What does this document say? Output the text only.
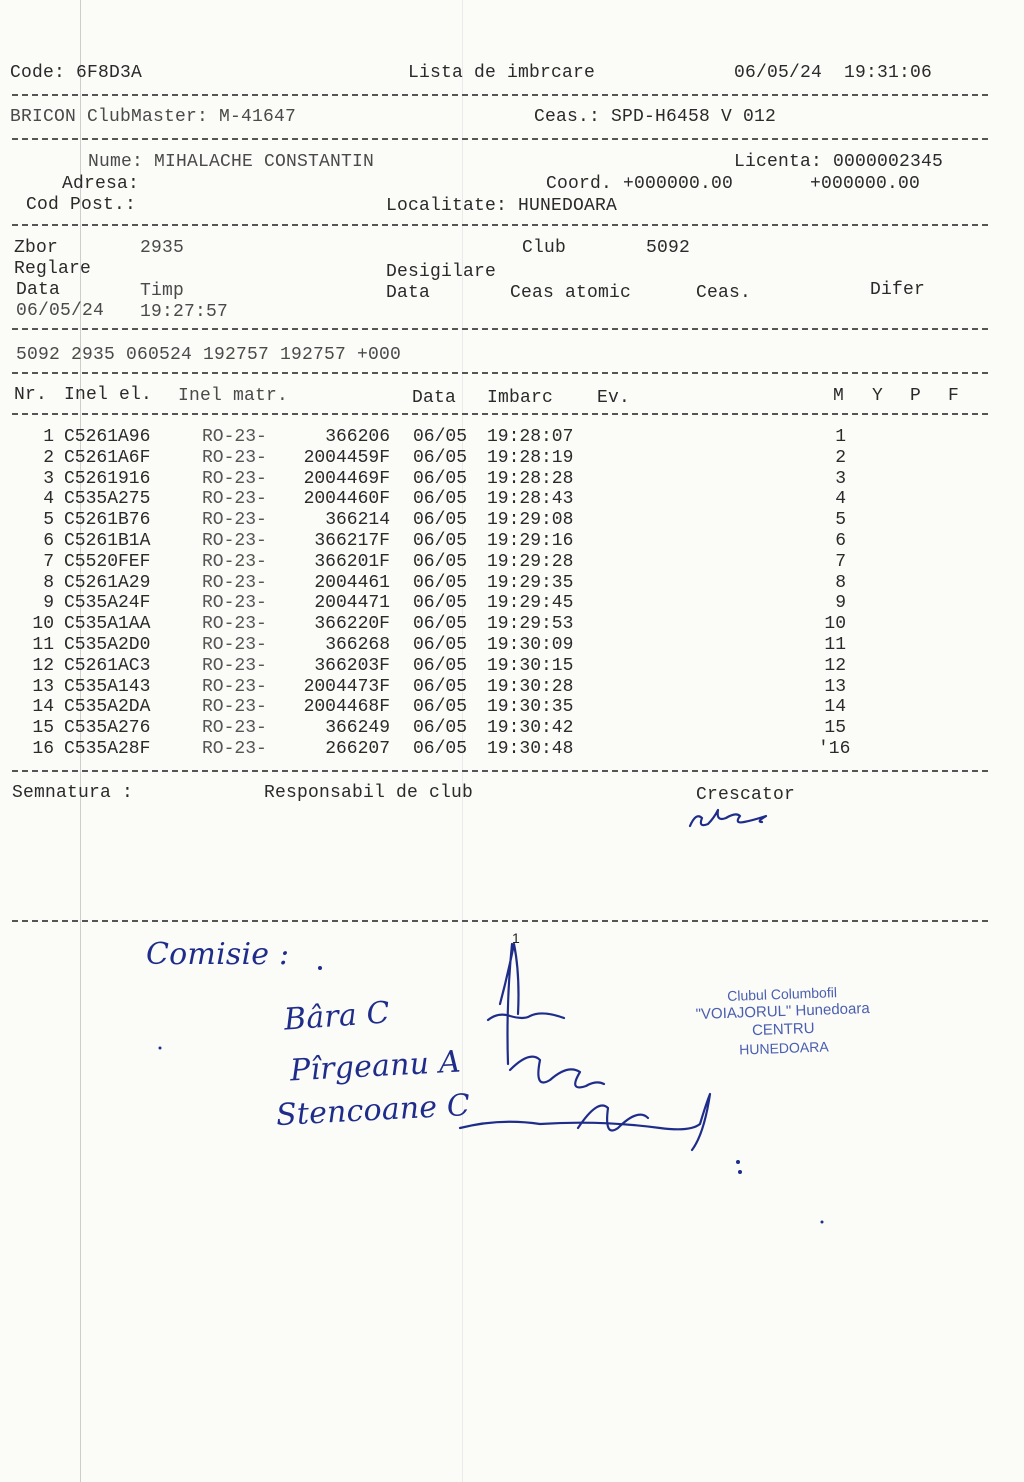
Code: 6F8D3A	Lista de imbrcare	06/05/24  19:31:06
BRICON ClubMaster: M-41647	Ceas.: SPD-H6458 V 012
Nume: MIHALACHE CONSTANTIN	Licenta: 0000002345
Adresa:	Coord. +000000.00	+000000.00
Cod Post.:	Localitate: HUNEDOARA
Zbor	2935	Club	5092
Reglare	Desigilare
Data	Timp	Data	Ceas atomic	Ceas.	Difer
06/05/24 19:27:57
5092 2935 060524 192757 192757 +000
Nr. Inel el. Inel matr.	Data Imbarc Ev.	M Y P F
1 C5261A96	RO-23-	366206 06/05 19:28:07	1
2 C5261A6F	RO-23- 2004459F 06/05 19:28:19	2
3 C5261916	RO-23- 2004469F 06/05 19:28:28	3
4 C535A275	RO-23- 2004460F 06/05 19:28:43	4
5 C5261B76	RO-23-	366214 06/05 19:29:08	5
6 C5261B1A	RO-23-	366217F 06/05 19:29:16	6
7 C5520FEF	RO-23-	366201F 06/05 19:29:28	7
8 C5261A29	RO-23-	2004461 06/05 19:29:35	8
9 C535A24F	RO-23-	2004471 06/05 19:29:45	9
10 C535A1AA	RO-23-	366220F 06/05 19:29:53	10
11 C535A2D0	RO-23-	366268 06/05 19:30:09	11
12 C5261AC3	RO-23-	366203F 06/05 19:30:15	12
13 C535A143	RO-23- 2004473F 06/05 19:30:28	13
14 C535A2DA	RO-23- 2004468F 06/05 19:30:35	14
15 C535A276	RO-23-	366249 06/05 19:30:42	15
16 C535A28F	RO-23-	266207 06/05 19:30:48	'16
Semnatura :	Responsabil de club	Crescator
Clubul Columbofil
"VOIAJORUL" Hunedoara
CENTRU
HUNEDOARA
Comisie :
Bâra C
Pîrgeanu A
Stencoane C
1
